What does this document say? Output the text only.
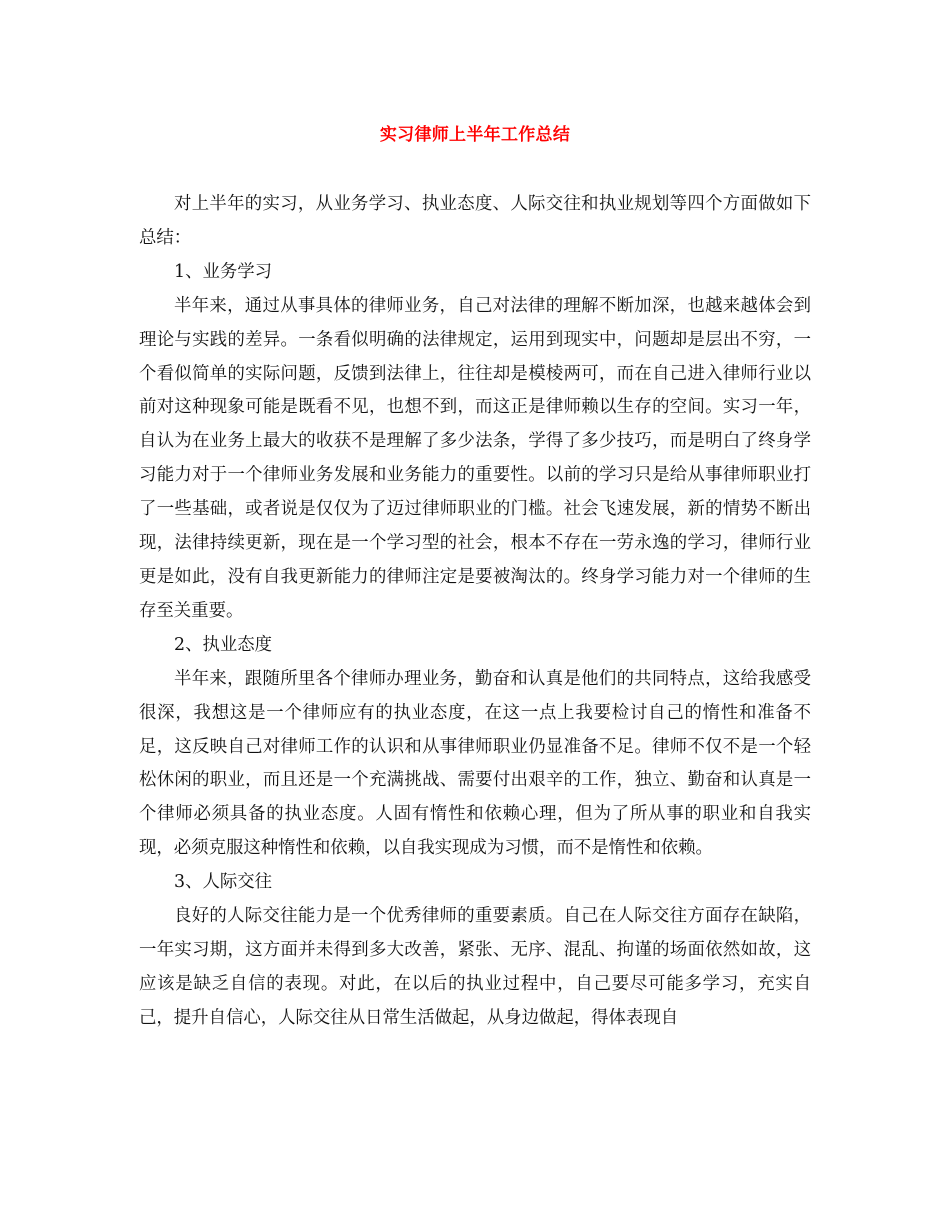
实习律师上半年工作总结

对上半年的实习，从业务学习、执业态度、人际交往和执业规划等四个方面做如下总结：

1、业务学习

半年来，通过从事具体的律师业务，自己对法律的理解不断加深，也越来越体会到理论与实践的差异。一条看似明确的法律规定，运用到现实中，问题却是层出不穷，一个看似简单的实际问题，反馈到法律上，往往却是模棱两可，而在自己进入律师行业以前对这种现象可能是既看不见，也想不到，而这正是律师赖以生存的空间。实习一年，自认为在业务上最大的收获不是理解了多少法条，学得了多少技巧，而是明白了终身学习能力对于一个律师业务发展和业务能力的重要性。以前的学习只是给从事律师职业打了一些基础，或者说是仅仅为了迈过律师职业的门槛。社会飞速发展，新的情势不断出现，法律持续更新，现在是一个学习型的社会，根本不存在一劳永逸的学习，律师行业更是如此，没有自我更新能力的律师注定是要被淘汰的。终身学习能力对一个律师的生存至关重要。

2、执业态度

半年来，跟随所里各个律师办理业务，勤奋和认真是他们的共同特点，这给我感受很深，我想这是一个律师应有的执业态度，在这一点上我要检讨自己的惰性和准备不足，这反映自己对律师工作的认识和从事律师职业仍显准备不足。律师不仅不是一个轻松休闲的职业，而且还是一个充满挑战、需要付出艰辛的工作，独立、勤奋和认真是一个律师必须具备的执业态度。人固有惰性和依赖心理，但为了所从事的职业和自我实现，必须克服这种惰性和依赖，以自我实现成为习惯，而不是惰性和依赖。

3、人际交往

良好的人际交往能力是一个优秀律师的重要素质。自己在人际交往方面存在缺陷，一年实习期，这方面并未得到多大改善，紧张、无序、混乱、拘谨的场面依然如故，这应该是缺乏自信的表现。对此，在以后的执业过程中，自己要尽可能多学习，充实自己，提升自信心，人际交往从日常生活做起，从身边做起，得体表现自
